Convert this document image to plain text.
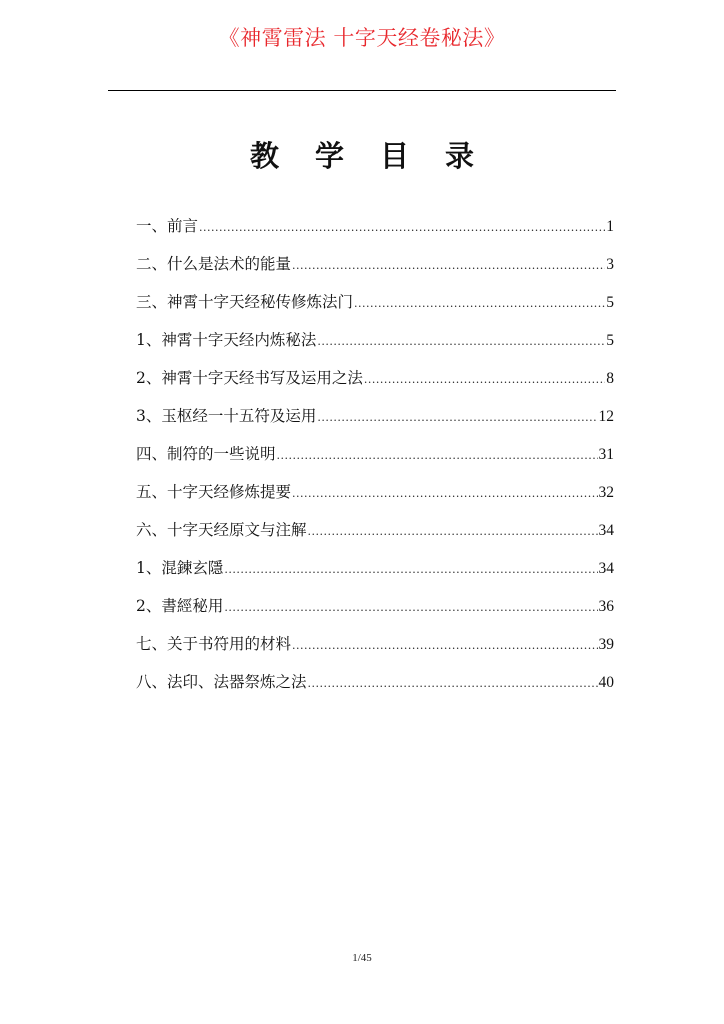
《神霄雷法 十字天经卷秘法》
教 学 目 录
一、前言 .....	1
二、什么是法术的能量 .....	3
三、神霄十字天经秘传修炼法门 .....	5
1、神霄十字天经内炼秘法 .....	5
2、神霄十字天经书写及运用之法 .....	8
3、玉枢经一十五符及运用 .....	12
四、制符的一些说明 .....	31
五、十字天经修炼提要 .....	32
六、十字天经原文与注解 .....	34
1、混鍊玄隱 .....	34
2、書經秘用 .....	36
七、关于书符用的材料 .....	39
八、法印、法器祭炼之法 .....	40
1/45
